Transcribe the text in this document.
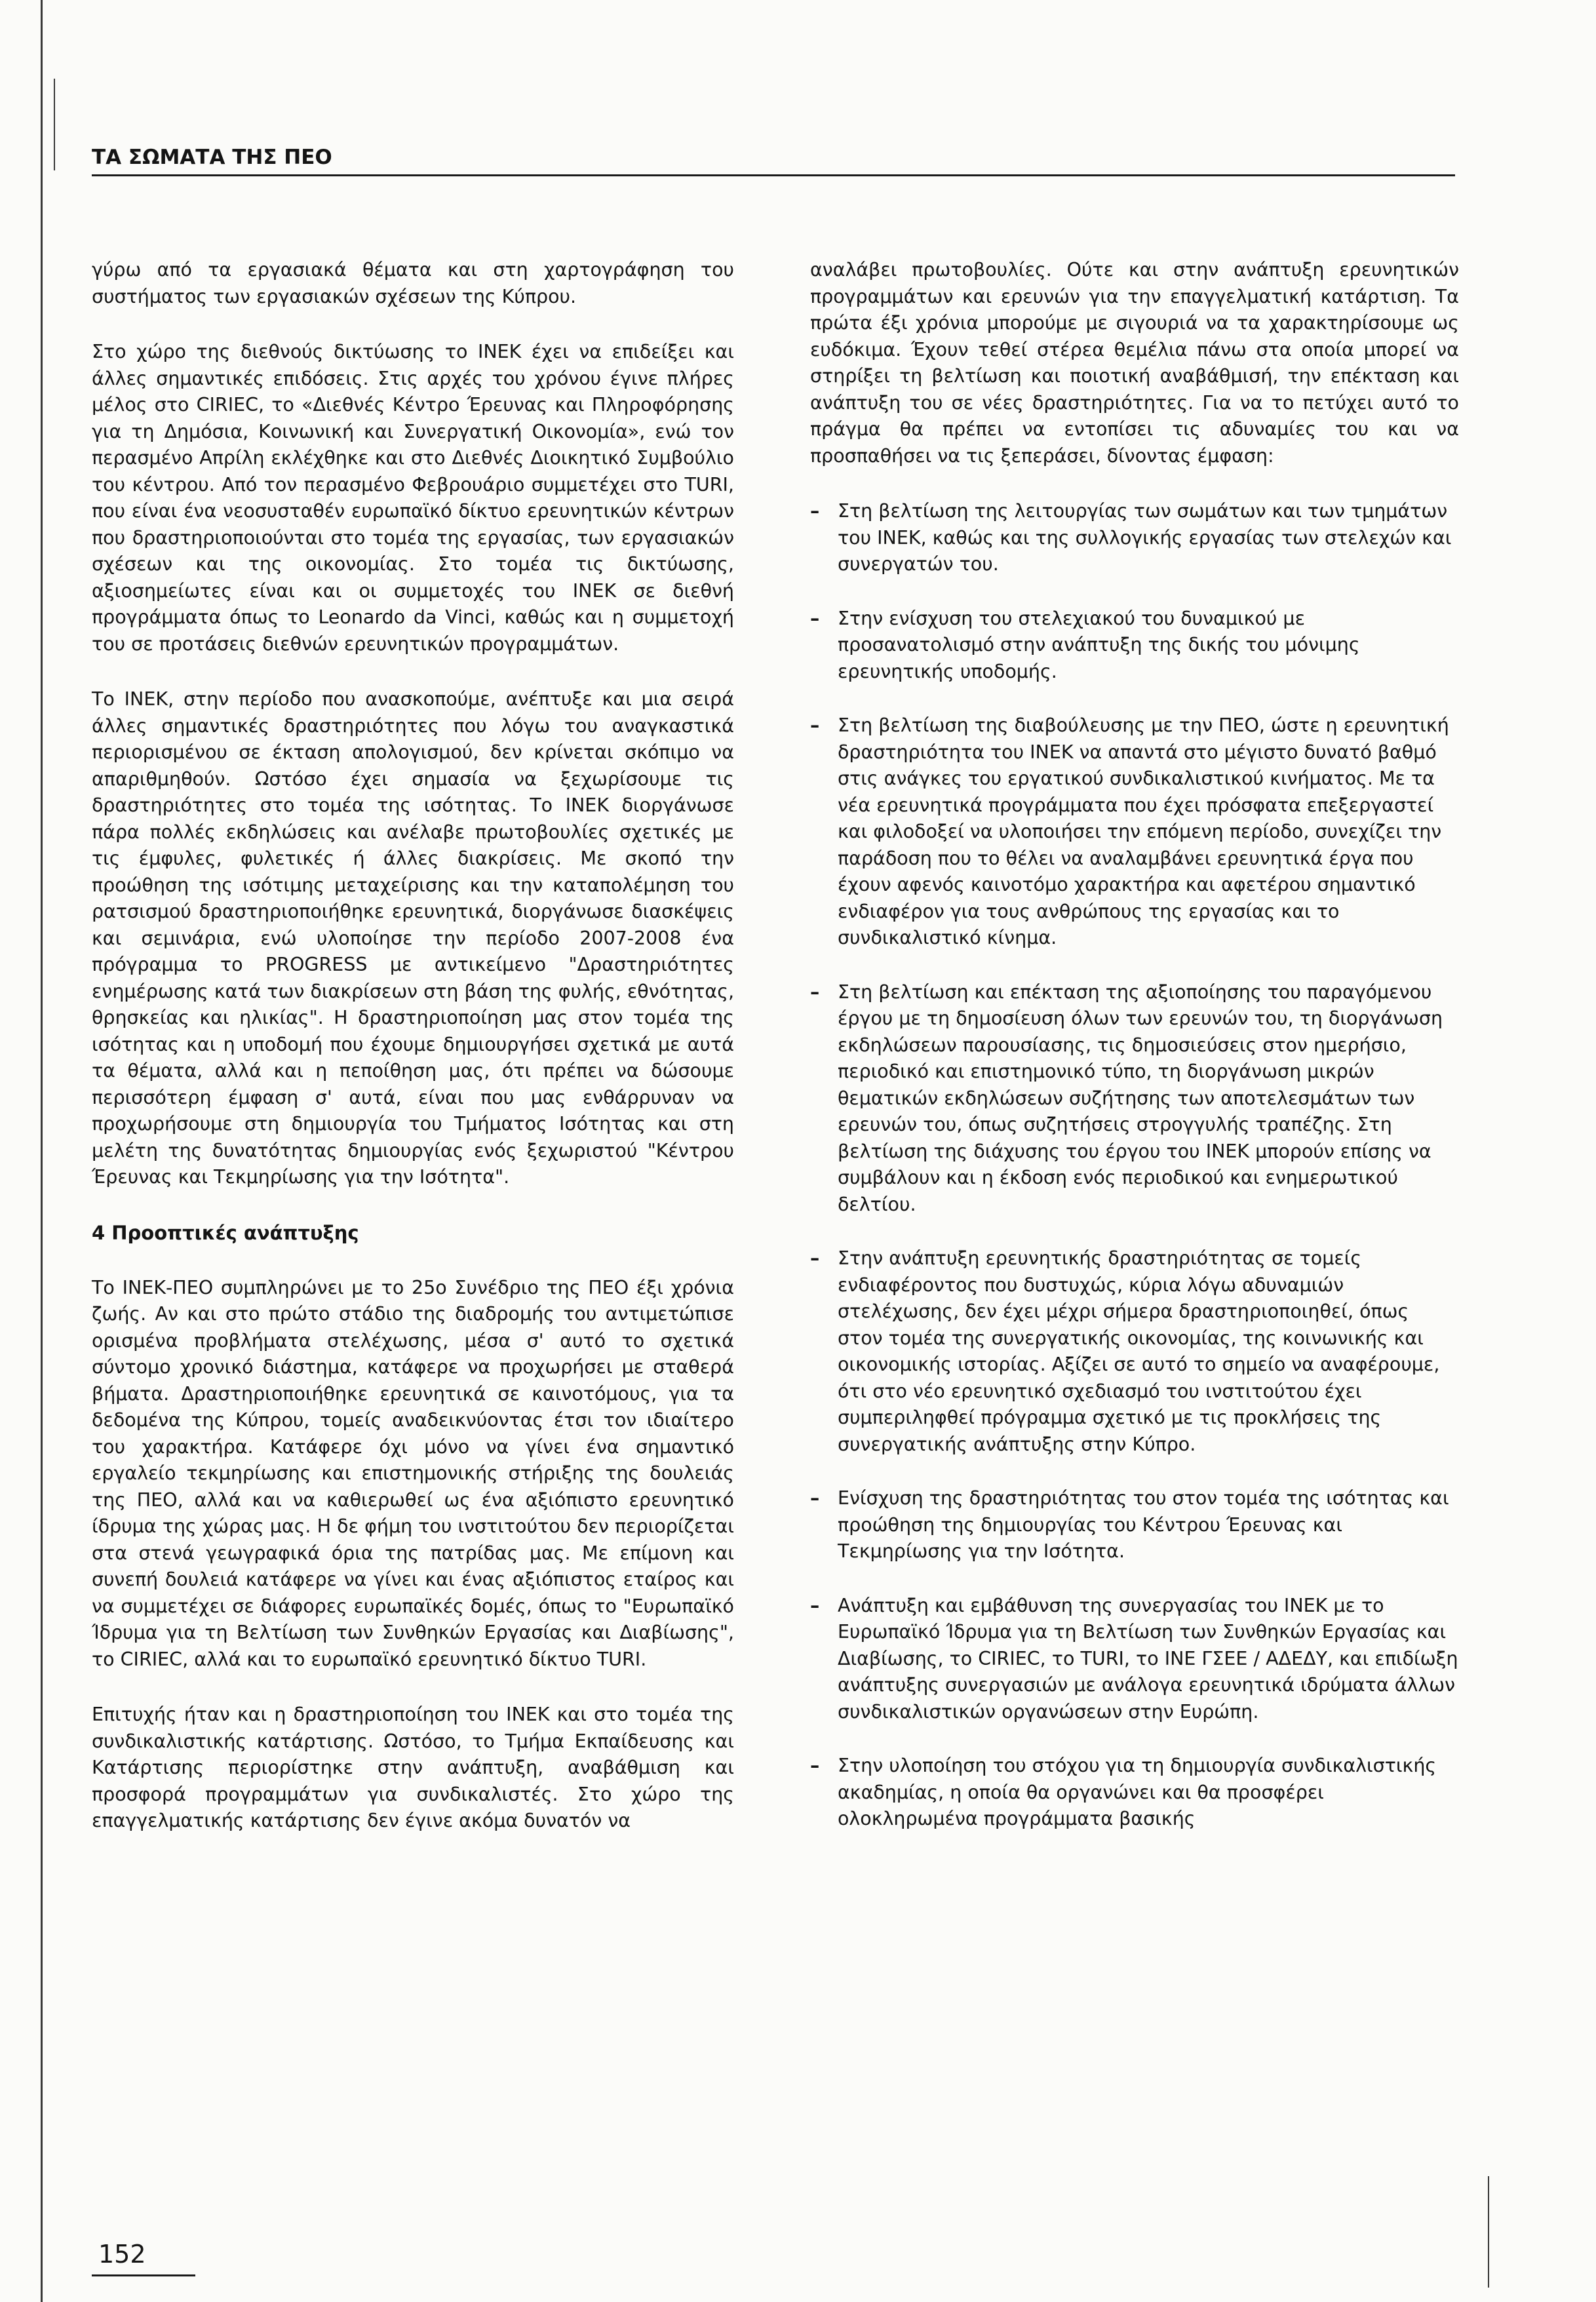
ΤΑ ΣΩΜΑΤΑ ΤΗΣ ΠΕΟ

γύρω από τα εργασιακά θέματα και στη χαρτογράφηση του συστήματος των εργασιακών σχέσεων της Κύπρου.

Στο χώρο της διεθνούς δικτύωσης το ΙΝΕΚ έχει να επιδείξει και άλλες σημαντικές επιδόσεις. Στις αρχές του χρόνου έγινε πλήρες μέλος στο CIRIEC, το «Διεθνές Κέντρο Έρευνας και Πληροφόρησης για τη Δημόσια, Κοινωνική και Συνεργατική Οικονομία», ενώ τον περασμένο Απρίλη εκλέχθηκε και στο Διεθνές Διοικητικό Συμβούλιο του κέντρου. Από τον περασμένο Φεβρουάριο συμμετέχει στο TURI, που είναι ένα νεοσυσταθέν ευρωπαϊκό δίκτυο ερευνητικών κέντρων που δραστηριοποιούνται στο τομέα της εργασίας, των εργασιακών σχέσεων και της οικονομίας. Στο τομέα τις δικτύωσης, αξιοσημείωτες είναι και οι συμμετοχές του ΙΝΕΚ σε διεθνή προγράμματα όπως το Leonardo da Vinci, καθώς και η συμμετοχή του σε προτάσεις διεθνών ερευνητικών προγραμμάτων.

Το ΙΝΕΚ, στην περίοδο που ανασκοπούμε, ανέπτυξε και μια σειρά άλλες σημαντικές δραστηριότητες που λόγω του αναγκαστικά περιορισμένου σε έκταση απολογισμού, δεν κρίνεται σκόπιμο να απαριθμηθούν. Ωστόσο έχει σημασία να ξεχωρίσουμε τις δραστηριότητες στο τομέα της ισότητας. Το ΙΝΕΚ διοργάνωσε πάρα πολλές εκδηλώσεις και ανέλαβε πρωτοβουλίες σχετικές με τις έμφυλες, φυλετικές ή άλλες διακρίσεις. Με σκοπό την προώθηση της ισότιμης μεταχείρισης και την καταπολέμηση του ρατσισμού δραστηριοποιήθηκε ερευνητικά, διοργάνωσε διασκέψεις και σεμινάρια, ενώ υλοποίησε την περίοδο 2007-2008 ένα πρόγραμμα το PROGRESS με αντικείμενο "Δραστηριότητες ενημέρωσης κατά των διακρίσεων στη βάση της φυλής, εθνότητας, θρησκείας και ηλικίας". Η δραστηριοποίηση μας στον τομέα της ισότητας και η υποδομή που έχουμε δημιουργήσει σχετικά με αυτά τα θέματα, αλλά και η πεποίθηση μας, ότι πρέπει να δώσουμε περισσότερη έμφαση σ' αυτά, είναι που μας ενθάρρυναν να προχωρήσουμε στη δημιουργία του Τμήματος Ισότητας και στη μελέτη της δυνατότητας δημιουργίας ενός ξεχωριστού "Κέντρου Έρευνας και Τεκμηρίωσης για την Ισότητα".

4 Προοπτικές ανάπτυξης

Το ΙΝΕΚ-ΠΕΟ συμπληρώνει με το 25ο Συνέδριο της ΠΕΟ έξι χρόνια ζωής. Αν και στο πρώτο στάδιο της διαδρομής του αντιμετώπισε ορισμένα προβλήματα στελέχωσης, μέσα σ' αυτό το σχετικά σύντομο χρονικό διάστημα, κατάφερε να προχωρήσει με σταθερά βήματα. Δραστηριοποιήθηκε ερευνητικά σε καινοτόμους, για τα δεδομένα της Κύπρου, τομείς αναδεικνύοντας έτσι τον ιδιαίτερο του χαρακτήρα. Κατάφερε όχι μόνο να γίνει ένα σημαντικό εργαλείο τεκμηρίωσης και επιστημονικής στήριξης της δουλειάς της ΠΕΟ, αλλά και να καθιερωθεί ως ένα αξιόπιστο ερευνητικό ίδρυμα της χώρας μας. Η δε φήμη του ινστιτούτου δεν περιορίζεται στα στενά γεωγραφικά όρια της πατρίδας μας. Με επίμονη και συνεπή δουλειά κατάφερε να γίνει και ένας αξιόπιστος εταίρος και να συμμετέχει σε διάφορες ευρωπαϊκές δομές, όπως το "Ευρωπαϊκό Ίδρυμα για τη Βελτίωση των Συνθηκών Εργασίας και Διαβίωσης", το CIRIEC, αλλά και το ευρωπαϊκό ερευνητικό δίκτυο TURI.

Επιτυχής ήταν και η δραστηριοποίηση του ΙΝΕΚ και στο τομέα της συνδικαλιστικής κατάρτισης. Ωστόσο, το Τμήμα Εκπαίδευσης και Κατάρτισης περιορίστηκε στην ανάπτυξη, αναβάθμιση και προσφορά προγραμμάτων για συνδικαλιστές. Στο χώρο της επαγγελματικής κατάρτισης δεν έγινε ακόμα δυνατόν να

αναλάβει πρωτοβουλίες. Ούτε και στην ανάπτυξη ερευνητικών προγραμμάτων και ερευνών για την επαγγελματική κατάρτιση. Τα πρώτα έξι χρόνια μπορούμε με σιγουριά να τα χαρακτηρίσουμε ως ευδόκιμα. Έχουν τεθεί στέρεα θεμέλια πάνω στα οποία μπορεί να στηρίξει τη βελτίωση και ποιοτική αναβάθμισή, την επέκταση και ανάπτυξη του σε νέες δραστηριότητες. Για να το πετύχει αυτό το πράγμα θα πρέπει να εντοπίσει τις αδυναμίες του και να προσπαθήσει να τις ξεπεράσει, δίνοντας έμφαση:

– Στη βελτίωση της λειτουργίας των σωμάτων και των τμημάτων του ΙΝΕΚ, καθώς και της συλλογικής εργασίας των στελεχών και συνεργατών του.
– Στην ενίσχυση του στελεχιακού του δυναμικού με προσανατολισμό στην ανάπτυξη της δικής του μόνιμης ερευνητικής υποδομής.
– Στη βελτίωση της διαβούλευσης με την ΠΕΟ, ώστε η ερευνητική δραστηριότητα του ΙΝΕΚ να απαντά στο μέγιστο δυνατό βαθμό στις ανάγκες του εργατικού συνδικαλιστικού κινήματος. Με τα νέα ερευνητικά προγράμματα που έχει πρόσφατα επεξεργαστεί και φιλοδοξεί να υλοποιήσει την επόμενη περίοδο, συνεχίζει την παράδοση που το θέλει να αναλαμβάνει ερευνητικά έργα που έχουν αφενός καινοτόμο χαρακτήρα και αφετέρου σημαντικό ενδιαφέρον για τους ανθρώπους της εργασίας και το συνδικαλιστικό κίνημα.
– Στη βελτίωση και επέκταση της αξιοποίησης του παραγόμενου έργου με τη δημοσίευση όλων των ερευνών του, τη διοργάνωση εκδηλώσεων παρουσίασης, τις δημοσιεύσεις στον ημερήσιο, περιοδικό και επιστημονικό τύπο, τη διοργάνωση μικρών θεματικών εκδηλώσεων συζήτησης των αποτελεσμάτων των ερευνών του, όπως συζητήσεις στρογγυλής τραπέζης. Στη βελτίωση της διάχυσης του έργου του ΙΝΕΚ μπορούν επίσης να συμβάλουν και η έκδοση ενός περιοδικού και ενημερωτικού δελτίου.
– Στην ανάπτυξη ερευνητικής δραστηριότητας σε τομείς ενδιαφέροντος που δυστυχώς, κύρια λόγω αδυναμιών στελέχωσης, δεν έχει μέχρι σήμερα δραστηριοποιηθεί, όπως στον τομέα της συνεργατικής οικονομίας, της κοινωνικής και οικονομικής ιστορίας. Αξίζει σε αυτό το σημείο να αναφέρουμε, ότι στο νέο ερευνητικό σχεδιασμό του ινστιτούτου έχει συμπεριληφθεί πρόγραμμα σχετικό με τις προκλήσεις της συνεργατικής ανάπτυξης στην Κύπρο.
– Ενίσχυση της δραστηριότητας του στον τομέα της ισότητας και προώθηση της δημιουργίας του Κέντρου Έρευνας και Τεκμηρίωσης για την Ισότητα.
– Ανάπτυξη και εμβάθυνση της συνεργασίας του ΙΝΕΚ με το Ευρωπαϊκό Ίδρυμα για τη Βελτίωση των Συνθηκών Εργασίας και Διαβίωσης, το CIRIEC, το TURI, το ΙΝΕ ΓΣΕΕ / ΑΔΕΔΥ, και επιδίωξη ανάπτυξης συνεργασιών με ανάλογα ερευνητικά ιδρύματα άλλων συνδικαλιστικών οργανώσεων στην Ευρώπη.
– Στην υλοποίηση του στόχου για τη δημιουργία συνδικαλιστικής ακαδημίας, η οποία θα οργανώνει και θα προσφέρει ολοκληρωμένα προγράμματα βασικής
152
